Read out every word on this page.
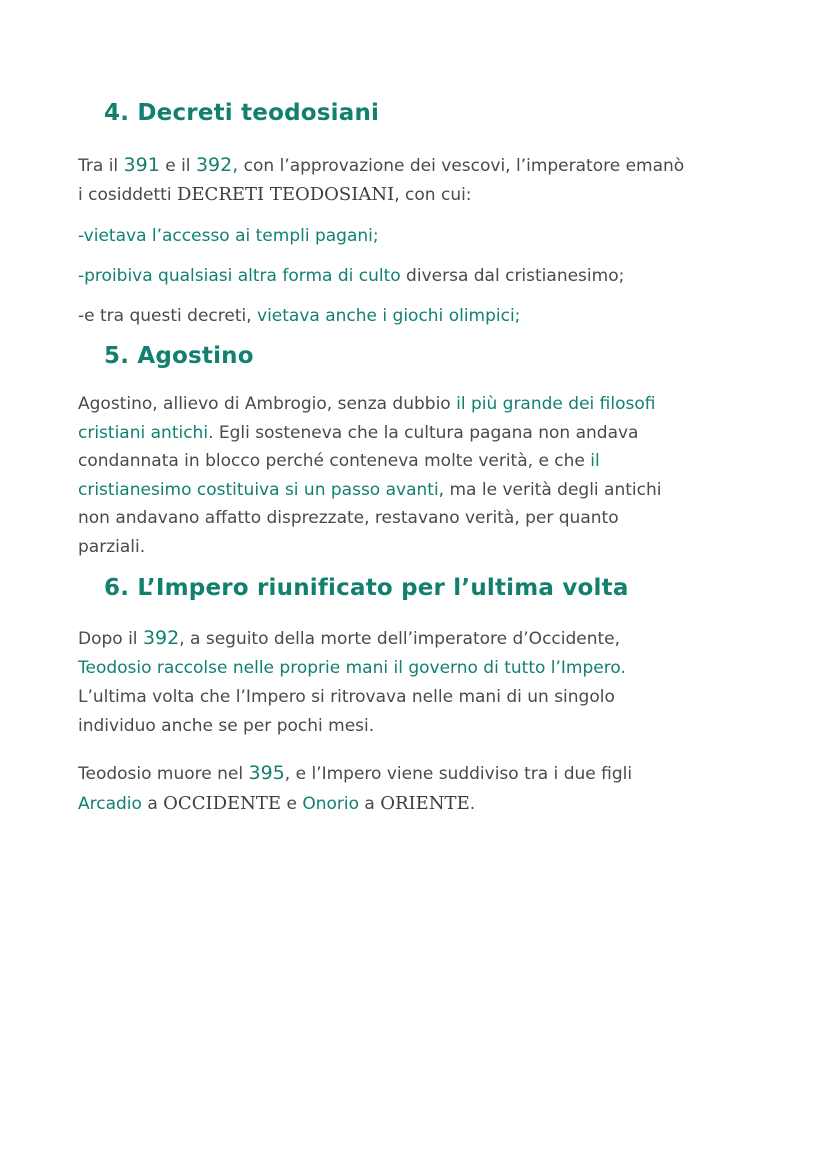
4. Decreti teodosiani
Tra il 391 e il 392, con l’approvazione dei vescovi, l’imperatore emanò
i cosiddetti DECRETI TEODOSIANI, con cui:
-vietava l’accesso ai templi pagani;
-proibiva qualsiasi altra forma di culto diversa dal cristianesimo;
-e tra questi decreti, vietava anche i giochi olimpici;
5. Agostino
Agostino, allievo di Ambrogio, senza dubbio il più grande dei filosofi
cristiani antichi. Egli sosteneva che la cultura pagana non andava
condannata in blocco perché conteneva molte verità, e che il
cristianesimo costituiva si un passo avanti, ma le verità degli antichi
non andavano affatto disprezzate, restavano verità, per quanto
parziali.
6. L’Impero riunificato per l’ultima volta
Dopo il 392, a seguito della morte dell’imperatore d’Occidente,
Teodosio raccolse nelle proprie mani il governo di tutto l’Impero.
L’ultima volta che l’Impero si ritrovava nelle mani di un singolo
individuo anche se per pochi mesi.
Teodosio muore nel 395, e l’Impero viene suddiviso tra i due figli
Arcadio a OCCIDENTE e Onorio a ORIENTE.
